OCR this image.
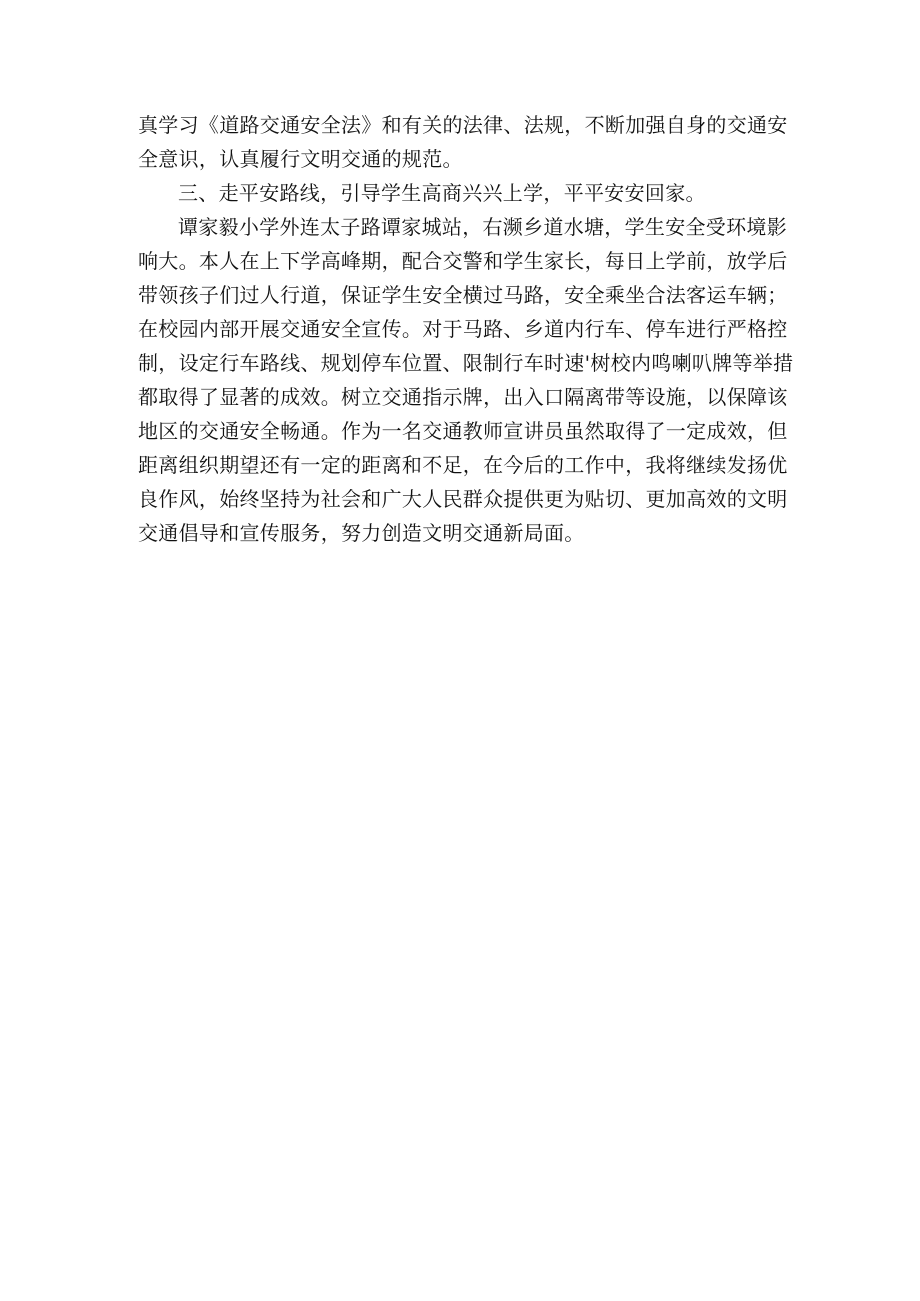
真学习《道路交通安全法》和有关的法律、法规，不断加强自身的交通安
全意识，认真履行文明交通的规范。
三、走平安路线，引导学生高商兴兴上学，平平安安回家。
谭家毅小学外连太子路谭家城站，右濒乡道水塘，学生安全受环境影
响大。本人在上下学高峰期，配合交警和学生家长，每日上学前，放学后
带领孩子们过人行道，保证学生安全横过马路，安全乘坐合法客运车辆；
在校园内部开展交通安全宣传。对于马路、乡道内行车、停车进行严格控
制，设定行车路线、规划停车位置、限制行车时速'树校内鸣喇叭牌等举措
都取得了显著的成效。树立交通指示牌，出入口隔离带等设施，以保障该
地区的交通安全畅通。作为一名交通教师宣讲员虽然取得了一定成效，但
距离组织期望还有一定的距离和不足，在今后的工作中，我将继续发扬优
良作风，始终坚持为社会和广大人民群众提供更为贴切、更加高效的文明
交通倡导和宣传服务，努力创造文明交通新局面。
